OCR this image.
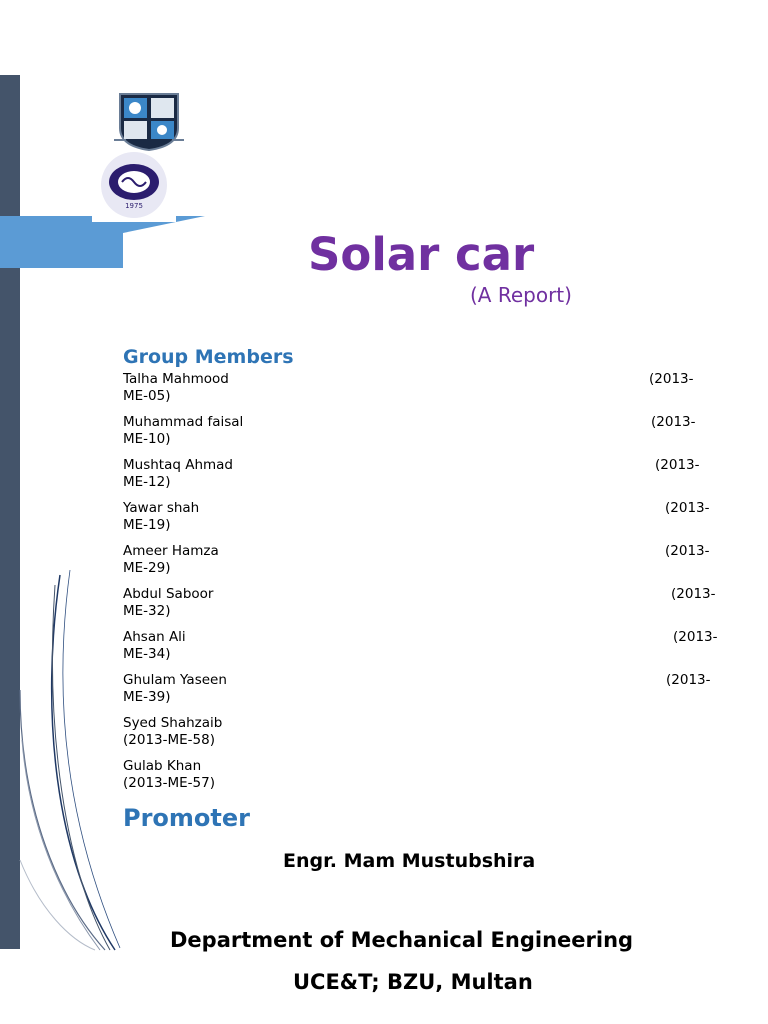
1975
Solar car

(A Report)

Group Members
Talha Mahmood	(2013-
ME-05)
Muhammad faisal	(2013-
ME-10)
Mushtaq Ahmad	(2013-
ME-12)
Yawar shah	(2013-
ME-19)
Ameer Hamza	(2013-
ME-29)
Abdul Saboor	(2013-
ME-32)
Ahsan Ali	(2013-
ME-34)
Ghulam Yaseen	(2013-
ME-39)
Syed Shahzaib
(2013-ME-58)
Gulab Khan
(2013-ME-57)
Promoter

Engr. Mam Mustubshira

Department of Mechanical Engineering

UCE&T; BZU, Multan
